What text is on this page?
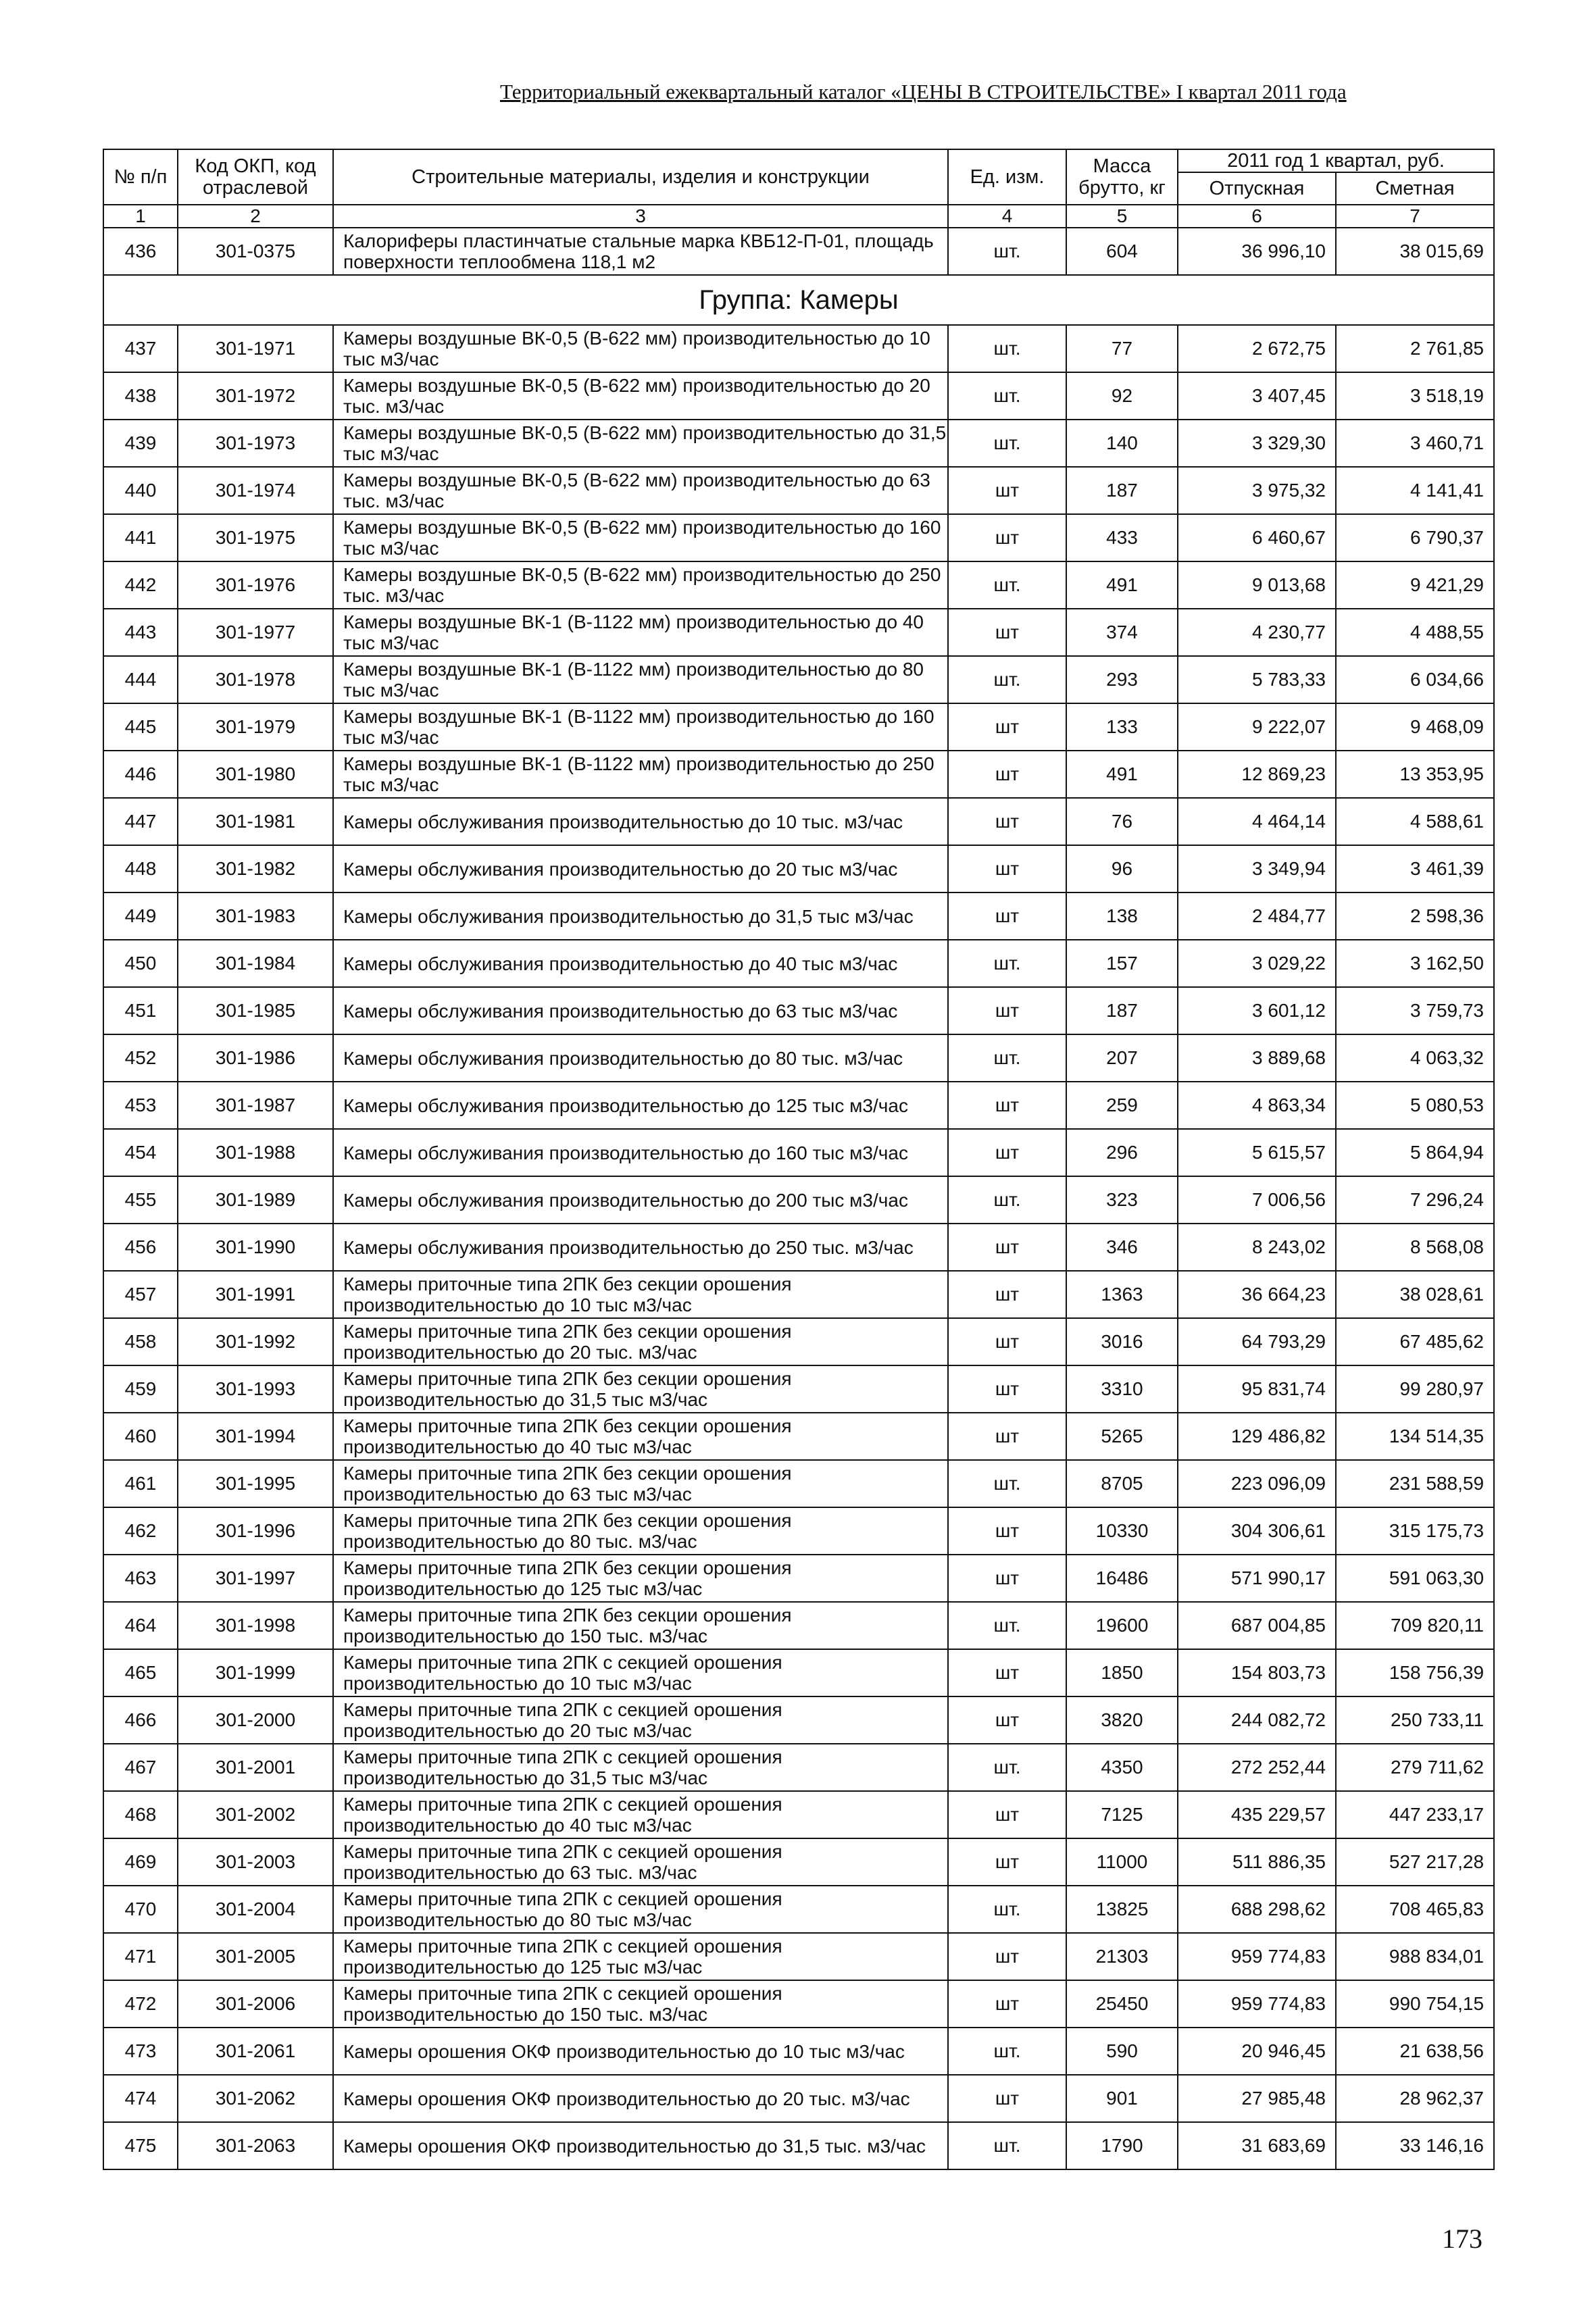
Территориальный ежеквартальный каталог «ЦЕНЫ В СТРОИТЕЛЬСТВЕ» I квартал 2011 года
№ п/п	Код ОКП, код отраслевой	Строительные материалы, изделия и конструкции	Ед. изм.	Масса брутто, кг	2011 год 1 квартал, руб.	
					Отпускная	Сметная
1	2	3	4	5	6	7
436	301-0375	Калориферы пластинчатые стальные марка КВБ12-П-01, площадь поверхности теплообмена 118,1 м2	шт.	604	36 996,10	38 015,69
Группа: Камеры						
437	301-1971	Камеры воздушные ВК-0,5 (В-622 мм) производительностью до 10 тыс м3/час	шт.	77	2 672,75	2 761,85
438	301-1972	Камеры воздушные ВК-0,5 (В-622 мм) производительностью до 20 тыс. м3/час	шт.	92	3 407,45	3 518,19
439	301-1973	Камеры воздушные ВК-0,5 (В-622 мм) производительностью до 31,5 тыс м3/час	шт.	140	3 329,30	3 460,71
440	301-1974	Камеры воздушные ВК-0,5 (В-622 мм) производительностью до 63 тыс. м3/час	шт	187	3 975,32	4 141,41
441	301-1975	Камеры воздушные ВК-0,5 (В-622 мм) производительностью до 160 тыс м3/час	шт	433	6 460,67	6 790,37
442	301-1976	Камеры воздушные ВК-0,5 (В-622 мм) производительностью до 250 тыс. м3/час	шт.	491	9 013,68	9 421,29
443	301-1977	Камеры воздушные ВК-1 (В-1122 мм) производительностью до 40 тыс м3/час	шт	374	4 230,77	4 488,55
444	301-1978	Камеры воздушные ВК-1 (В-1122 мм) производительностью до 80 тыс м3/час	шт.	293	5 783,33	6 034,66
445	301-1979	Камеры воздушные ВК-1 (В-1122 мм) производительностью до 160 тыс м3/час	шт	133	9 222,07	9 468,09
446	301-1980	Камеры воздушные ВК-1 (В-1122 мм) производительностью до 250 тыс м3/час	шт	491	12 869,23	13 353,95
447	301-1981	Камеры обслуживания производительностью до 10 тыс. м3/час	шт	76	4 464,14	4 588,61
448	301-1982	Камеры обслуживания производительностью до 20 тыс м3/час	шт	96	3 349,94	3 461,39
449	301-1983	Камеры обслуживания производительностью до 31,5 тыс м3/час	шт	138	2 484,77	2 598,36
450	301-1984	Камеры обслуживания производительностью до 40 тыс м3/час	шт.	157	3 029,22	3 162,50
451	301-1985	Камеры обслуживания производительностью до 63 тыс м3/час	шт	187	3 601,12	3 759,73
452	301-1986	Камеры обслуживания производительностью до 80 тыс. м3/час	шт.	207	3 889,68	4 063,32
453	301-1987	Камеры обслуживания производительностью до 125 тыс м3/час	шт	259	4 863,34	5 080,53
454	301-1988	Камеры обслуживания производительностью до 160 тыс м3/час	шт	296	5 615,57	5 864,94
455	301-1989	Камеры обслуживания производительностью до 200 тыс м3/час	шт.	323	7 006,56	7 296,24
456	301-1990	Камеры обслуживания производительностью до 250 тыс. м3/час	шт	346	8 243,02	8 568,08
457	301-1991	Камеры приточные типа 2ПК без секции орошения производительностью до 10 тыс м3/час	шт	1363	36 664,23	38 028,61
458	301-1992	Камеры приточные типа 2ПК без секции орошения производительностью до 20 тыс. м3/час	шт	3016	64 793,29	67 485,62
459	301-1993	Камеры приточные типа 2ПК без секции орошения производительностью до 31,5 тыс м3/час	шт	3310	95 831,74	99 280,97
460	301-1994	Камеры приточные типа 2ПК без секции орошения производительностью до 40 тыс м3/час	шт	5265	129 486,82	134 514,35
461	301-1995	Камеры приточные типа 2ПК без секции орошения производительностью до 63 тыс м3/час	шт.	8705	223 096,09	231 588,59
462	301-1996	Камеры приточные типа 2ПК без секции орошения производительностью до 80 тыс. м3/час	шт	10330	304 306,61	315 175,73
463	301-1997	Камеры приточные типа 2ПК без секции орошения производительностью до 125 тыс м3/час	шт	16486	571 990,17	591 063,30
464	301-1998	Камеры приточные типа 2ПК без секции орошения производительностью до 150 тыс. м3/час	шт.	19600	687 004,85	709 820,11
465	301-1999	Камеры приточные типа 2ПК с секцией орошения производительностью до 10 тыс м3/час	шт	1850	154 803,73	158 756,39
466	301-2000	Камеры приточные типа 2ПК с секцией орошения производительностью до 20 тыс м3/час	шт	3820	244 082,72	250 733,11
467	301-2001	Камеры приточные типа 2ПК с секцией орошения производительностью до 31,5 тыс м3/час	шт.	4350	272 252,44	279 711,62
468	301-2002	Камеры приточные типа 2ПК с секцией орошения производительностью до 40 тыс м3/час	шт	7125	435 229,57	447 233,17
469	301-2003	Камеры приточные типа 2ПК с секцией орошения производительностью до 63 тыс. м3/час	шт	11000	511 886,35	527 217,28
470	301-2004	Камеры приточные типа 2ПК с секцией орошения производительностью до 80 тыс м3/час	шт.	13825	688 298,62	708 465,83
471	301-2005	Камеры приточные типа 2ПК с секцией орошения производительностью до 125 тыс м3/час	шт	21303	959 774,83	988 834,01
472	301-2006	Камеры приточные типа 2ПК с секцией орошения производительностью до 150 тыс. м3/час	шт	25450	959 774,83	990 754,15
473	301-2061	Камеры орошения ОКФ производительностью до 10 тыс м3/час	шт.	590	20 946,45	21 638,56
474	301-2062	Камеры орошения ОКФ производительностью до 20 тыс. м3/час	шт	901	27 985,48	28 962,37
475	301-2063	Камеры орошения ОКФ производительностью до 31,5 тыс. м3/час	шт.	1790	31 683,69	33 146,16
173
